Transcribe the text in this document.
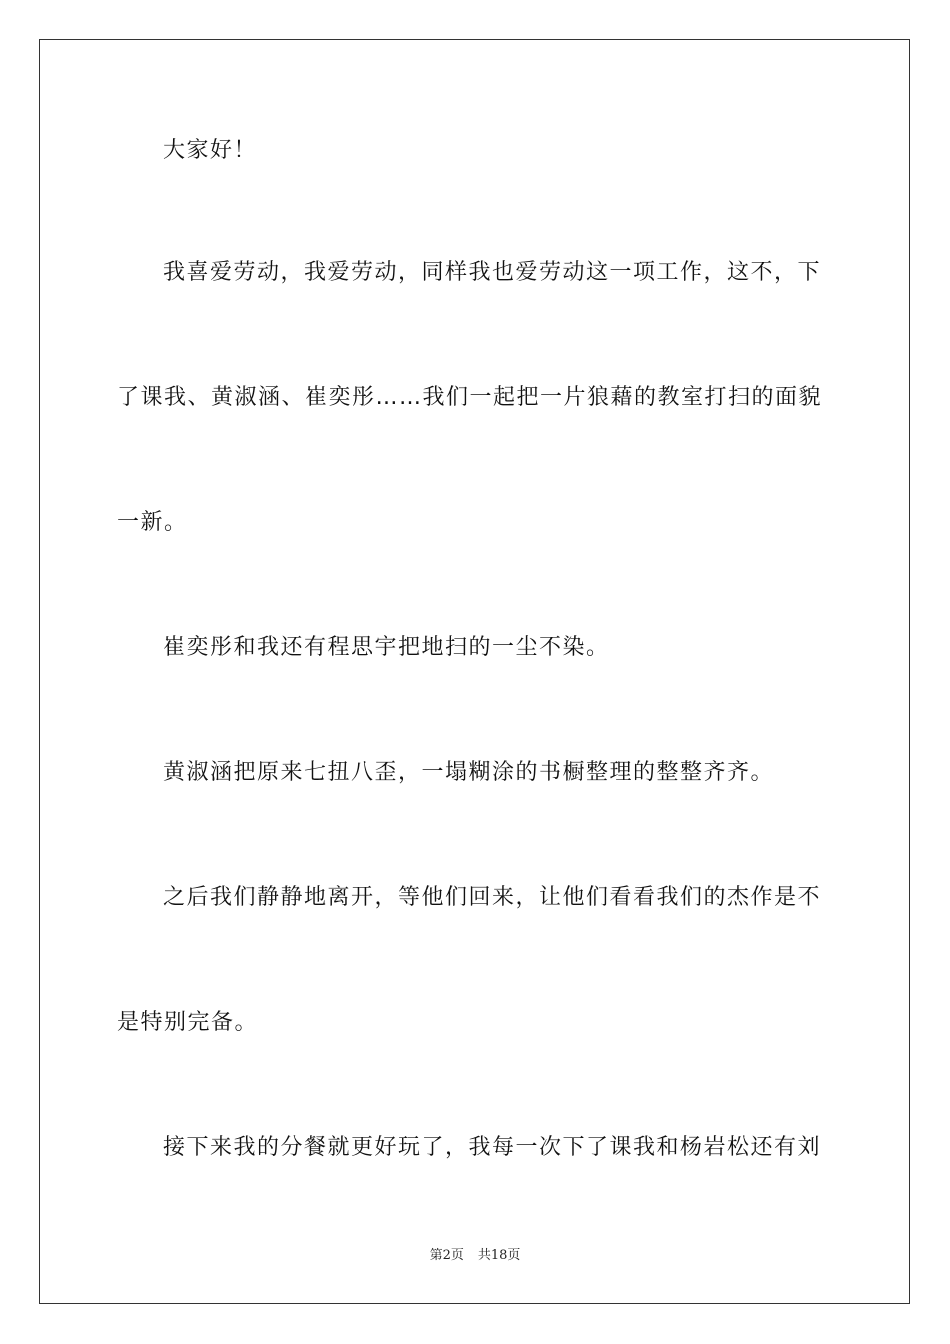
大家好！
我喜爱劳动，我爱劳动，同样我也爱劳动这一项工作，这不，下
了课我、黄淑涵、崔奕彤……我们一起把一片狼藉的教室打扫的面貌
一新。
崔奕彤和我还有程思宇把地扫的一尘不染。
黄淑涵把原来七扭八歪，一塌糊涂的书橱整理的整整齐齐。
之后我们静静地离开，等他们回来，让他们看看我们的杰作是不
是特别完备。
接下来我的分餐就更好玩了，我每一次下了课我和杨岩松还有刘
第2页 共18页
